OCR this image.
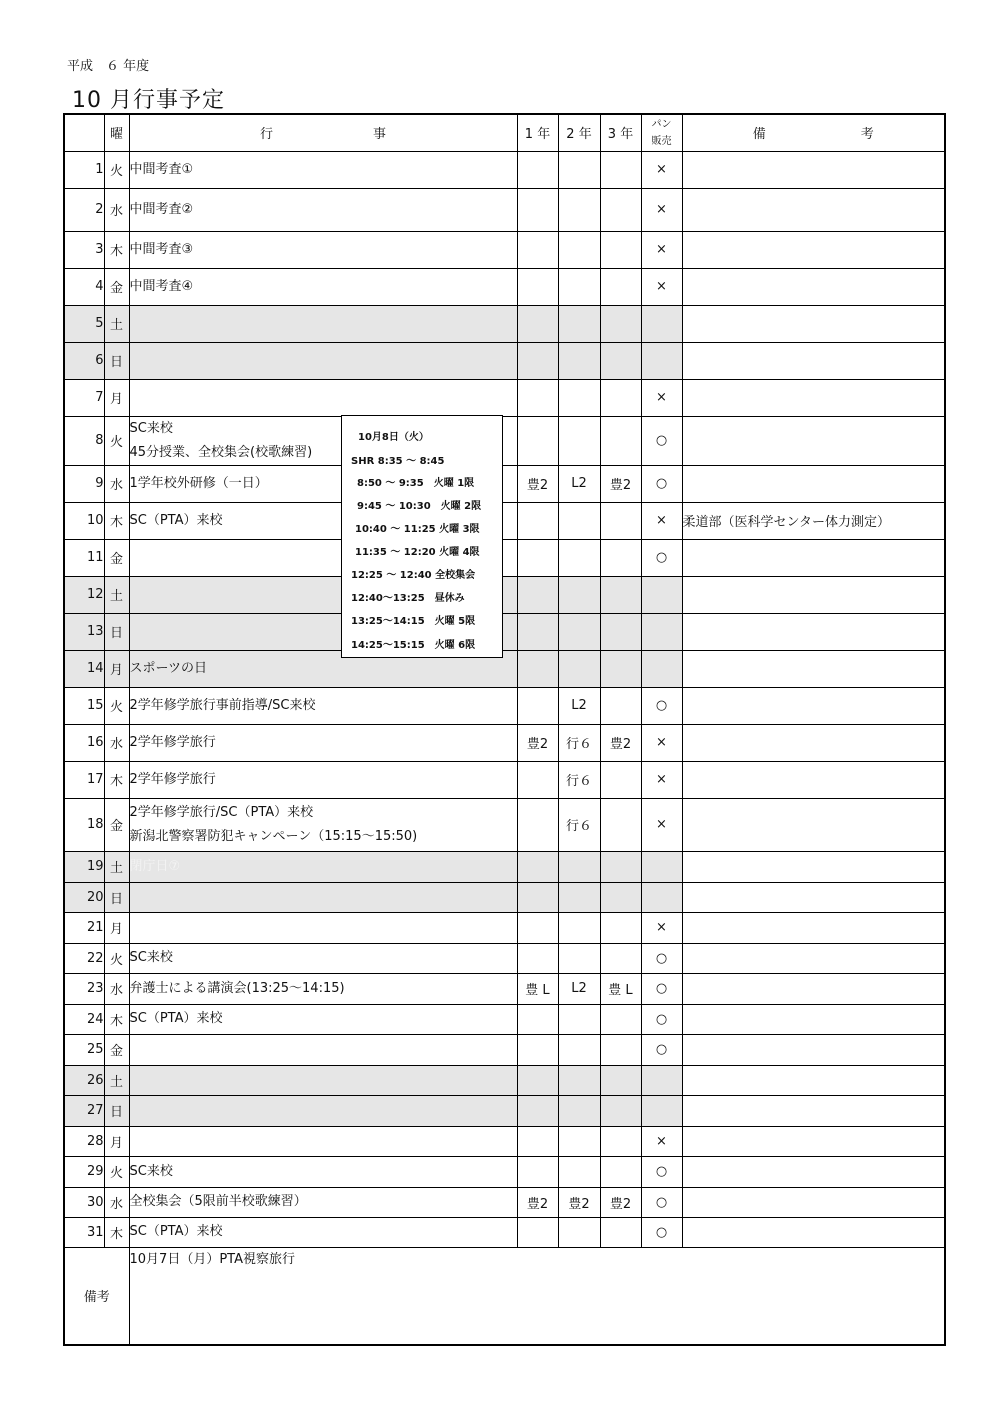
平成　６ 年度
10 月行事予定
	曜	行 事	1 年	2 年	3 年	パン
販売	備 考
1	火	中間考査①				×	
2	水	中間考査②				×	
3	木	中間考査③				×	
4	金	中間考査④				×	
5	土						
6	日						
7	月					×	
8	火	SC来校
45分授業、全校集会(校歌練習)				○	
9	水	1学年校外研修（一日）	豊2	L2	豊2	○	
10	木	SC（PTA）来校				×	柔道部（医科学センター体力測定）
11	金					○	
12	土						
13	日						
14	月	スポーツの日					
15	火	2学年修学旅行事前指導/SC来校		L2		○	
16	水	2学年修学旅行	豊2	行６	豊2	×	
17	木	2学年修学旅行		行６		×	
18	金	2学年修学旅行/SC（PTA）来校
新潟北警察署防犯キャンペーン（15:15～15:50)		行６		×	
19	土	閉庁日⑦					
20	日						
21	月					×	
22	火	SC来校				○	
23	水	弁護士による講演会(13:25～14:15)	豊 L	L2	豊 L	○	
24	木	SC（PTA）来校				○	
25	金					○	
26	土						
27	日						
28	月					×	
29	火	SC来校				○	
30	水	全校集会（5限前半校歌練習）	豊2	豊2	豊2	○	
31	木	SC（PTA）来校				○	
備考		10月7日（月）PTA視察旅行					
10月8日（火）
SHR 8:35 ～ 8:45
8:50 ～ 9:35　火曜 1限
9:45 ～ 10:30　火曜 2限
10:40 ～ 11:25 火曜 3限
11:35 ～ 12:20 火曜 4限
12:25 ～ 12:40 全校集会
12:40～13:25　昼休み
13:25～14:15　火曜 5限
14:25～15:15　火曜 6限
